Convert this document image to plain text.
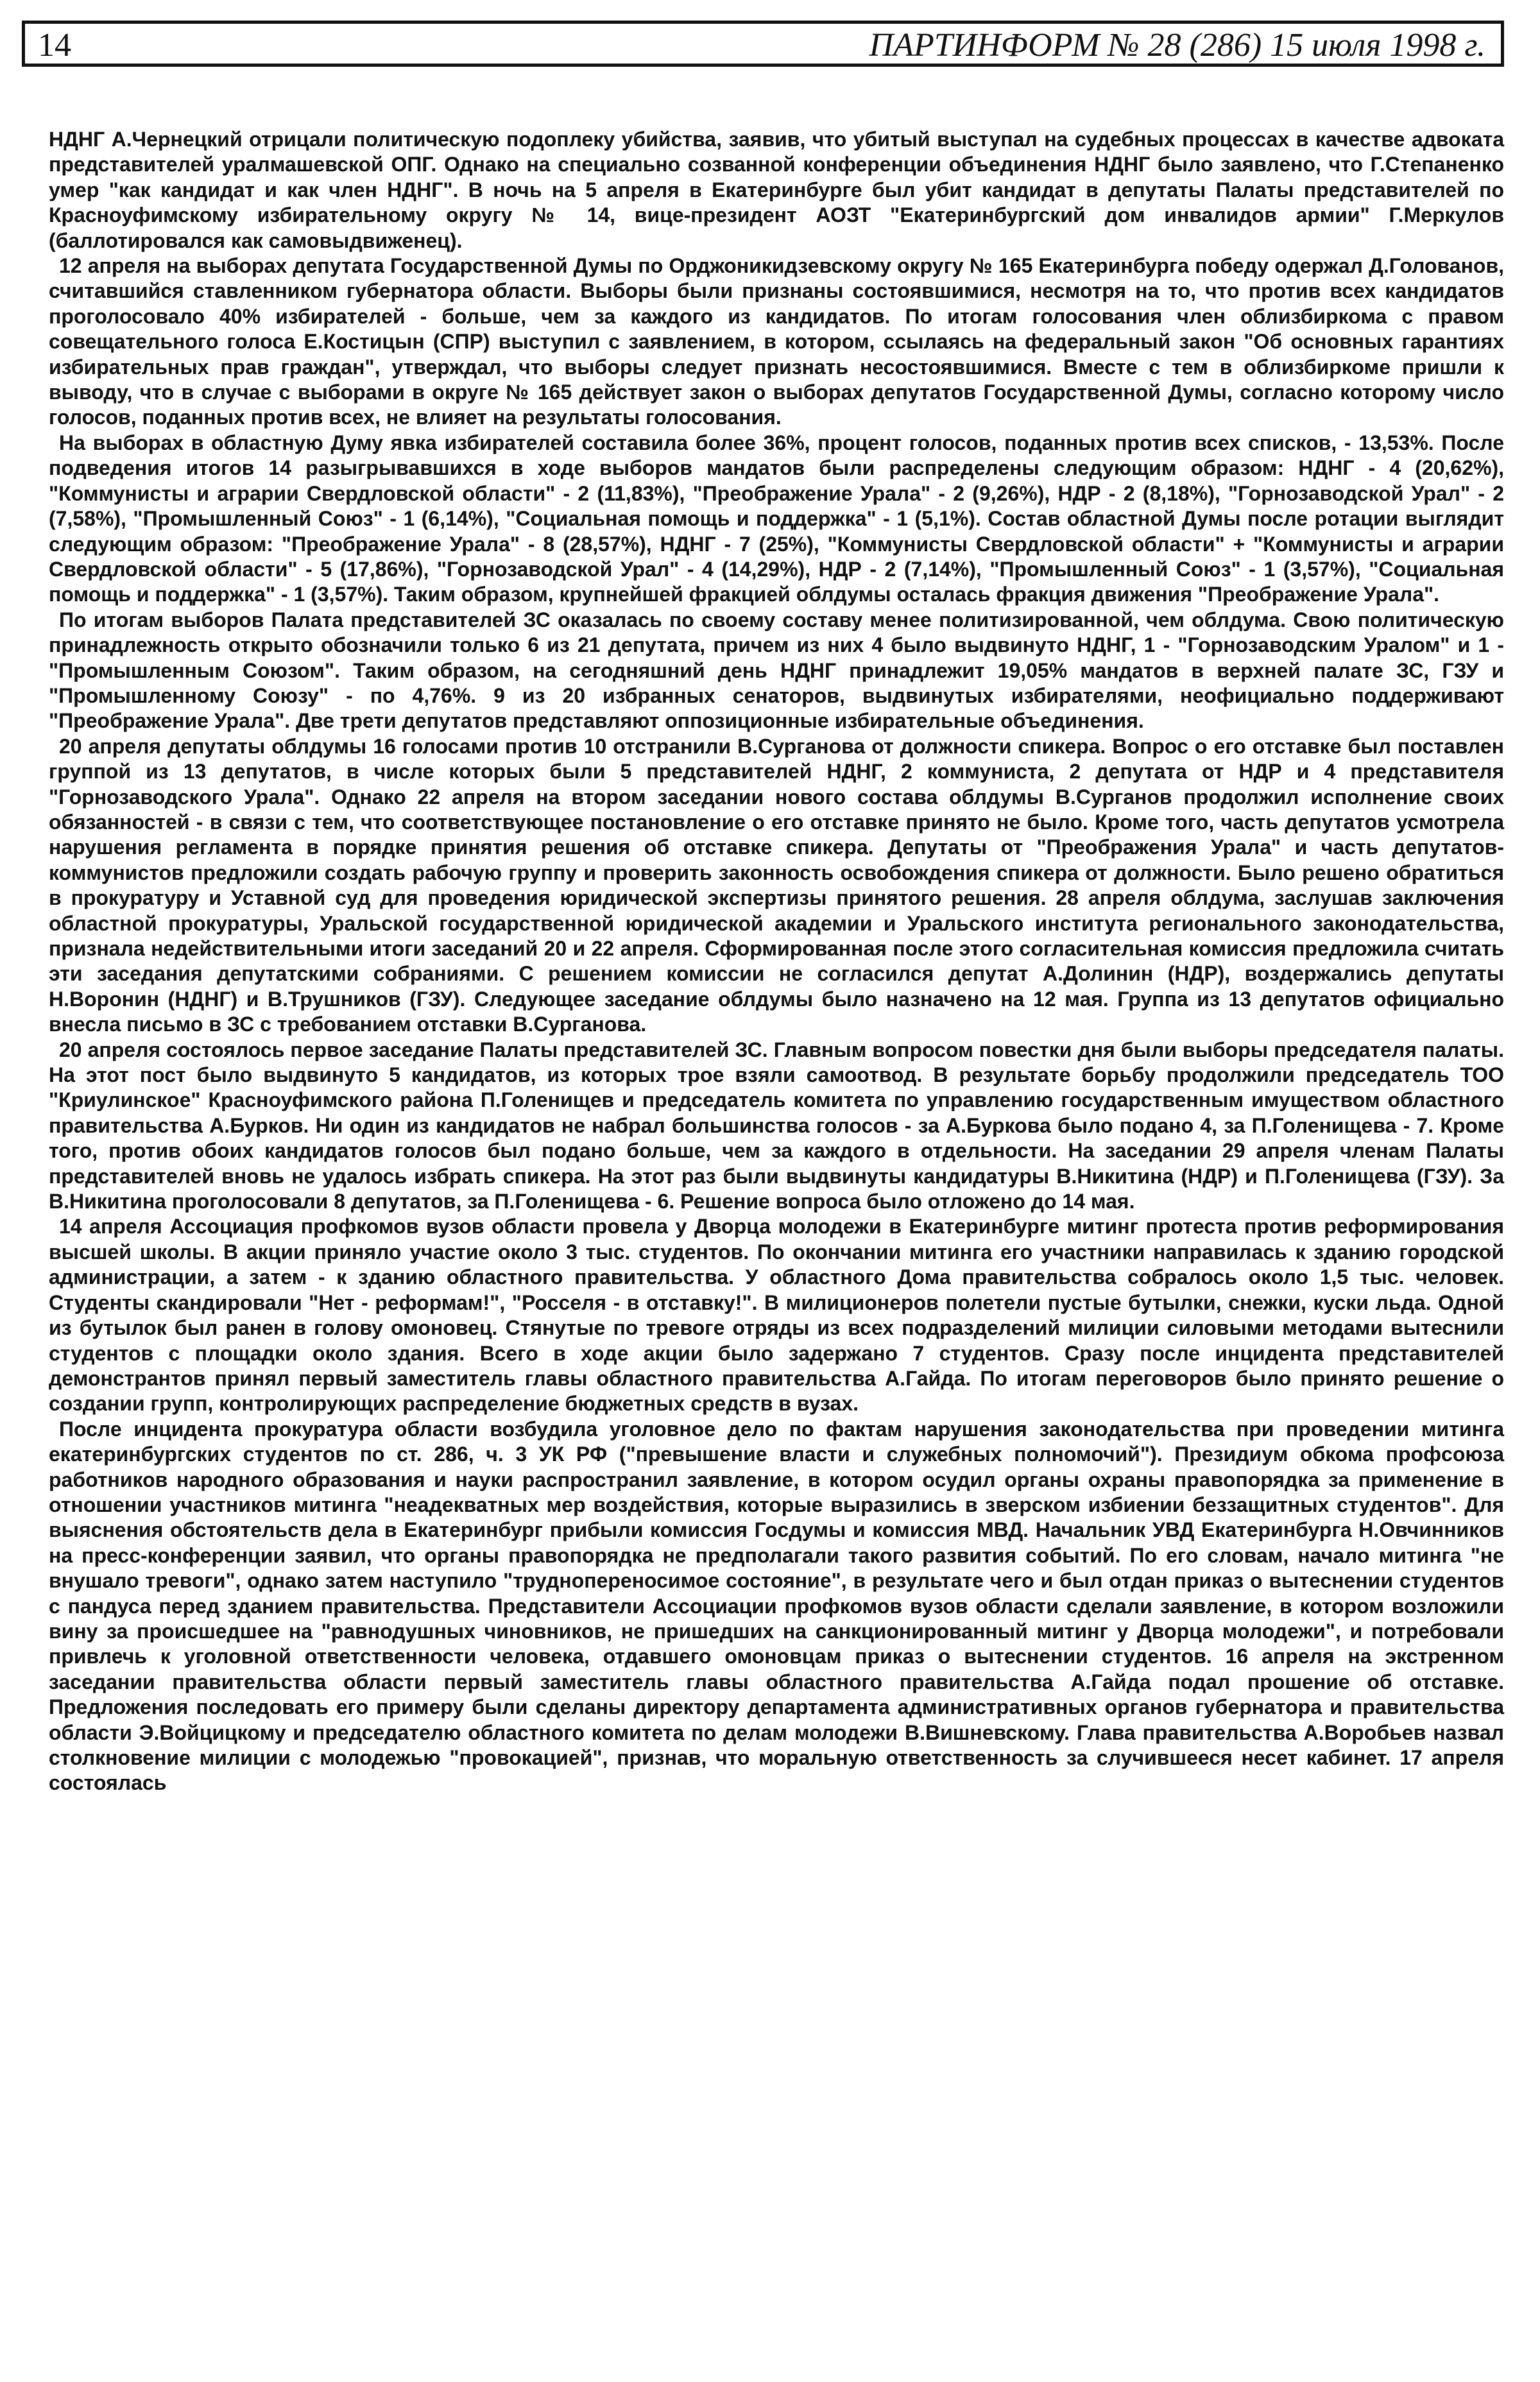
14	ПАРТИНФОРМ № 28 (286) 15 июля 1998 г.

НДНГ А.Чернецкий отрицали политическую подоплеку убийства, заявив, что убитый выступал на судебных процессах в качестве адвоката представителей уралмашевской ОПГ. Однако на специально созванной конференции объединения НДНГ было заявлено, что Г.Степаненко умер "как кандидат и как член НДНГ". В ночь на 5 апреля в Екатеринбурге был убит кандидат в депутаты Палаты представителей по Красноуфимскому избирательному округу № 14, вице-президент АОЗТ "Екатеринбургский дом инвалидов армии" Г.Меркулов (баллотировался как самовыдвиженец).

12 апреля на выборах депутата Государственной Думы по Орджоникидзевскому округу № 165 Екатеринбурга победу одержал Д.Голованов, считавшийся ставленником губернатора области. Выборы были признаны состоявшимися, несмотря на то, что против всех кандидатов проголосовало 40% избирателей - больше, чем за каждого из кандидатов. По итогам голосования член облизбиркома с правом совещательного голоса Е.Костицын (СПР) выступил с заявлением, в котором, ссылаясь на федеральный закон "Об основных гарантиях избирательных прав граждан", утверждал, что выборы следует признать несостоявшимися. Вместе с тем в облизбиркоме пришли к выводу, что в случае с выборами в округе № 165 действует закон о выборах депутатов Государственной Думы, согласно которому число голосов, поданных против всех, не влияет на результаты голосования.

На выборах в областную Думу явка избирателей составила более 36%, процент голосов, поданных против всех списков, - 13,53%. После подведения итогов 14 разыгрывавшихся в ходе выборов мандатов были распределены следующим образом: НДНГ - 4 (20,62%), "Коммунисты и аграрии Свердловской области" - 2 (11,83%), "Преображение Урала" - 2 (9,26%), НДР - 2 (8,18%), "Горнозаводской Урал" - 2 (7,58%), "Промышленный Союз" - 1 (6,14%), "Социальная помощь и поддержка" - 1 (5,1%). Состав областной Думы после ротации выглядит следующим образом: "Преображение Урала" - 8 (28,57%), НДНГ - 7 (25%), "Коммунисты Свердловской области" + "Коммунисты и аграрии Свердловской области" - 5 (17,86%), "Горнозаводской Урал" - 4 (14,29%), НДР - 2 (7,14%), "Промышленный Союз" - 1 (3,57%), "Социальная помощь и поддержка" - 1 (3,57%). Таким образом, крупнейшей фракцией облдумы осталась фракция движения "Преображение Урала".

По итогам выборов Палата представителей ЗС оказалась по своему составу менее политизированной, чем облдума. Свою политическую принадлежность открыто обозначили только 6 из 21 депутата, причем из них 4 было выдвинуто НДНГ, 1 - "Горнозаводским Уралом" и 1 - "Промышленным Союзом". Таким образом, на сегодняшний день НДНГ принадлежит 19,05% мандатов в верхней палате ЗС, ГЗУ и "Промышленному Союзу" - по 4,76%. 9 из 20 избранных сенаторов, выдвинутых избирателями, неофициально поддерживают "Преображение Урала". Две трети депутатов представляют оппозиционные избирательные объединения.

20 апреля депутаты облдумы 16 голосами против 10 отстранили В.Сурганова от должности спикера. Вопрос о его отставке был поставлен группой из 13 депутатов, в числе которых были 5 представителей НДНГ, 2 коммуниста, 2 депутата от НДР и 4 представителя "Горнозаводского Урала". Однако 22 апреля на втором заседании нового состава облдумы В.Сурганов продолжил исполнение своих обязанностей - в связи с тем, что соответствующее постановление о его отставке принято не было. Кроме того, часть депутатов усмотрела нарушения регламента в порядке принятия решения об отставке спикера. Депутаты от "Преображения Урала" и часть депутатов-коммунистов предложили создать рабочую группу и проверить законность освобождения спикера от должности. Было решено обратиться в прокуратуру и Уставной суд для проведения юридической экспертизы принятого решения. 28 апреля облдума, заслушав заключения областной прокуратуры, Уральской государственной юридической академии и Уральского института регионального законодательства, признала недействительными итоги заседаний 20 и 22 апреля. Сформированная после этого согласительная комиссия предложила считать эти заседания депутатскими собраниями. С решением комиссии не согласился депутат А.Долинин (НДР), воздержались депутаты Н.Воронин (НДНГ) и В.Трушников (ГЗУ). Следующее заседание облдумы было назначено на 12 мая. Группа из 13 депутатов официально внесла письмо в ЗС с требованием отставки В.Сурганова.

20 апреля состоялось первое заседание Палаты представителей ЗС. Главным вопросом повестки дня были выборы председателя палаты. На этот пост было выдвинуто 5 кандидатов, из которых трое взяли самоотвод. В результате борьбу продолжили председатель ТОО "Криулинское" Красноуфимского района П.Голенищев и председатель комитета по управлению государственным имуществом областного правительства А.Бурков. Ни один из кандидатов не набрал большинства голосов - за А.Буркова было подано 4, за П.Голенищева - 7. Кроме того, против обоих кандидатов голосов был подано больше, чем за каждого в отдельности. На заседании 29 апреля членам Палаты представителей вновь не удалось избрать спикера. На этот раз были выдвинуты кандидатуры В.Никитина (НДР) и П.Голенищева (ГЗУ). За В.Никитина проголосовали 8 депутатов, за П.Голенищева - 6. Решение вопроса было отложено до 14 мая.

14 апреля Ассоциация профкомов вузов области провела у Дворца молодежи в Екатеринбурге митинг протеста против реформирования высшей школы. В акции приняло участие около 3 тыс. студентов. По окончании митинга его участники направилась к зданию городской администрации, а затем - к зданию областного правительства. У областного Дома правительства собралось около 1,5 тыс. человек. Студенты скандировали "Нет - реформам!", "Росселя - в отставку!". В милиционеров полетели пустые бутылки, снежки, куски льда. Одной из бутылок был ранен в голову омоновец. Стянутые по тревоге отряды из всех подразделений милиции силовыми методами вытеснили студентов с площадки около здания. Всего в ходе акции было задержано 7 студентов. Сразу после инцидента представителей демонстрантов принял первый заместитель главы областного правительства А.Гайда. По итогам переговоров было принято решение о создании групп, контролирующих распределение бюджетных средств в вузах.

После инцидента прокуратура области возбудила уголовное дело по фактам нарушения законодательства при проведении митинга екатеринбургских студентов по ст. 286, ч. 3 УК РФ ("превышение власти и служебных полномочий"). Президиум обкома профсоюза работников народного образования и науки распространил заявление, в котором осудил органы охраны правопорядка за применение в отношении участников митинга "неадекватных мер воздействия, которые выразились в зверском избиении беззащитных студентов". Для выяснения обстоятельств дела в Екатеринбург прибыли комиссия Госдумы и комиссия МВД. Начальник УВД Екатеринбурга Н.Овчинников на пресс-конференции заявил, что органы правопорядка не предполагали такого развития событий. По его словам, начало митинга "не внушало тревоги", однако затем наступило "труднопереносимое состояние", в результате чего и был отдан приказ о вытеснении студентов с пандуса перед зданием правительства. Представители Ассоциации профкомов вузов области сделали заявление, в котором возложили вину за происшедшее на "равнодушных чиновников, не пришедших на санкционированный митинг у Дворца молодежи", и потребовали привлечь к уголовной ответственности человека, отдавшего омоновцам приказ о вытеснении студентов. 16 апреля на экстренном заседании правительства области первый заместитель главы областного правительства А.Гайда подал прошение об отставке. Предложения последовать его примеру были сделаны директору департамента административных органов губернатора и правительства области Э.Войцицкому и председателю областного комитета по делам молодежи В.Вишневскому. Глава правительства А.Воробьев назвал столкновение милиции с молодежью "провокацией", признав, что моральную ответственность за случившееся несет кабинет. 17 апреля состоялась
